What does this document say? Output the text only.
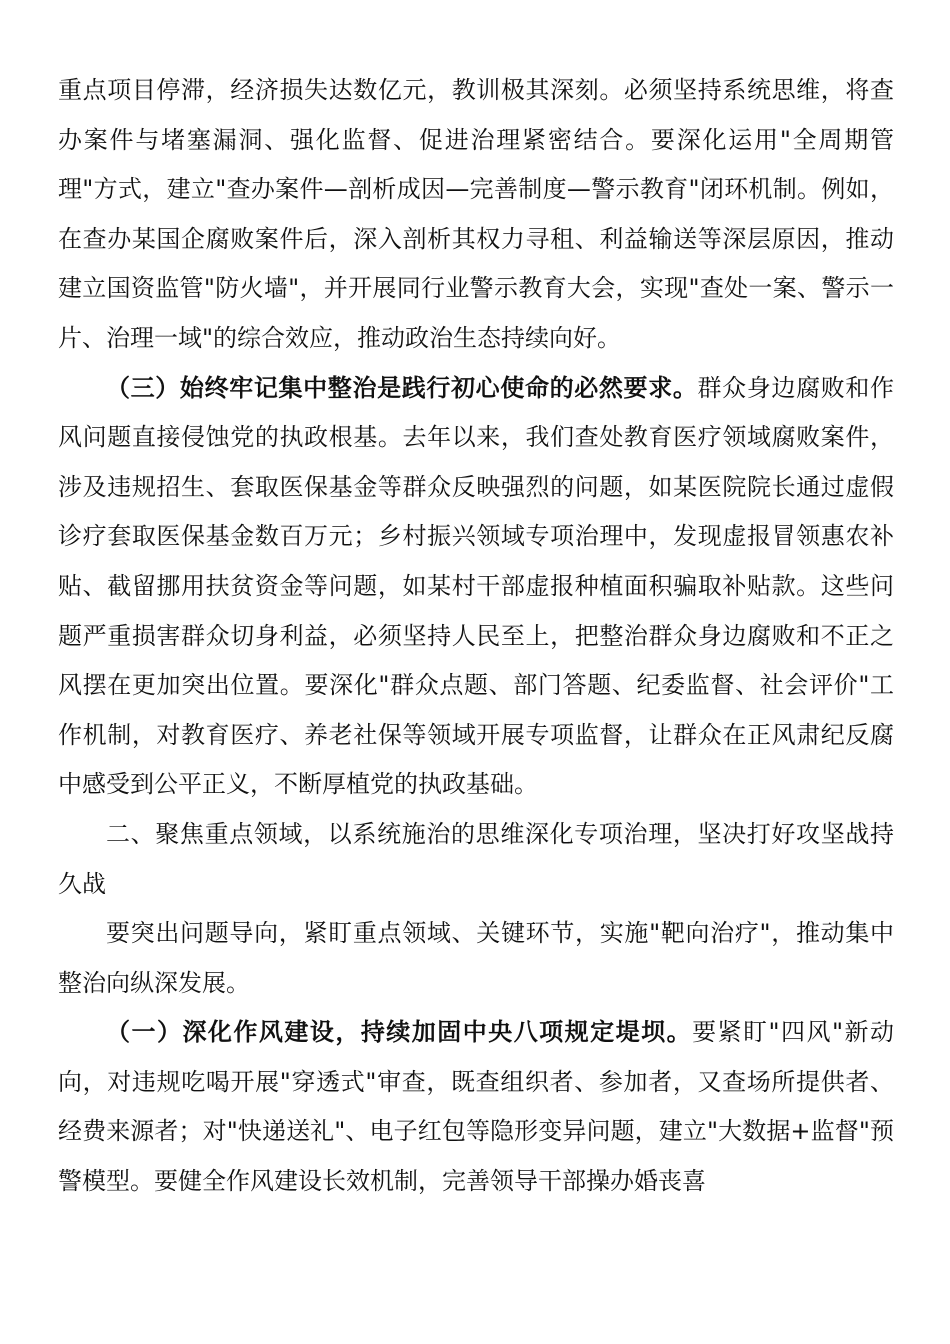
重点项目停滞，经济损失达数亿元，教训极其深刻。必须坚持系统思维，将查办案件与堵塞漏洞、强化监督、促进治理紧密结合。要深化运用"全周期管理"方式，建立"查办案件—剖析成因—完善制度—警示教育"闭环机制。例如，在查办某国企腐败案件后，深入剖析其权力寻租、利益输送等深层原因，推动建立国资监管"防火墙"，并开展同行业警示教育大会，实现"查处一案、警示一片、治理一域"的综合效应，推动政治生态持续向好。

（三）始终牢记集中整治是践行初心使命的必然要求。群众身边腐败和作风问题直接侵蚀党的执政根基。去年以来，我们查处教育医疗领域腐败案件，涉及违规招生、套取医保基金等群众反映强烈的问题，如某医院院长通过虚假诊疗套取医保基金数百万元；乡村振兴领域专项治理中，发现虚报冒领惠农补贴、截留挪用扶贫资金等问题，如某村干部虚报种植面积骗取补贴款。这些问题严重损害群众切身利益，必须坚持人民至上，把整治群众身边腐败和不正之风摆在更加突出位置。要深化"群众点题、部门答题、纪委监督、社会评价"工作机制，对教育医疗、养老社保等领域开展专项监督，让群众在正风肃纪反腐中感受到公平正义，不断厚植党的执政基础。

二、聚焦重点领域，以系统施治的思维深化专项治理，坚决打好攻坚战持久战

要突出问题导向，紧盯重点领域、关键环节，实施"靶向治疗"，推动集中整治向纵深发展。

（一）深化作风建设，持续加固中央八项规定堤坝。要紧盯"四风"新动向，对违规吃喝开展"穿透式"审查，既查组织者、参加者，又查场所提供者、经费来源者；对"快递送礼"、电子红包等隐形变异问题，建立"大数据+监督"预警模型。要健全作风建设长效机制，完善领导干部操办婚丧喜
